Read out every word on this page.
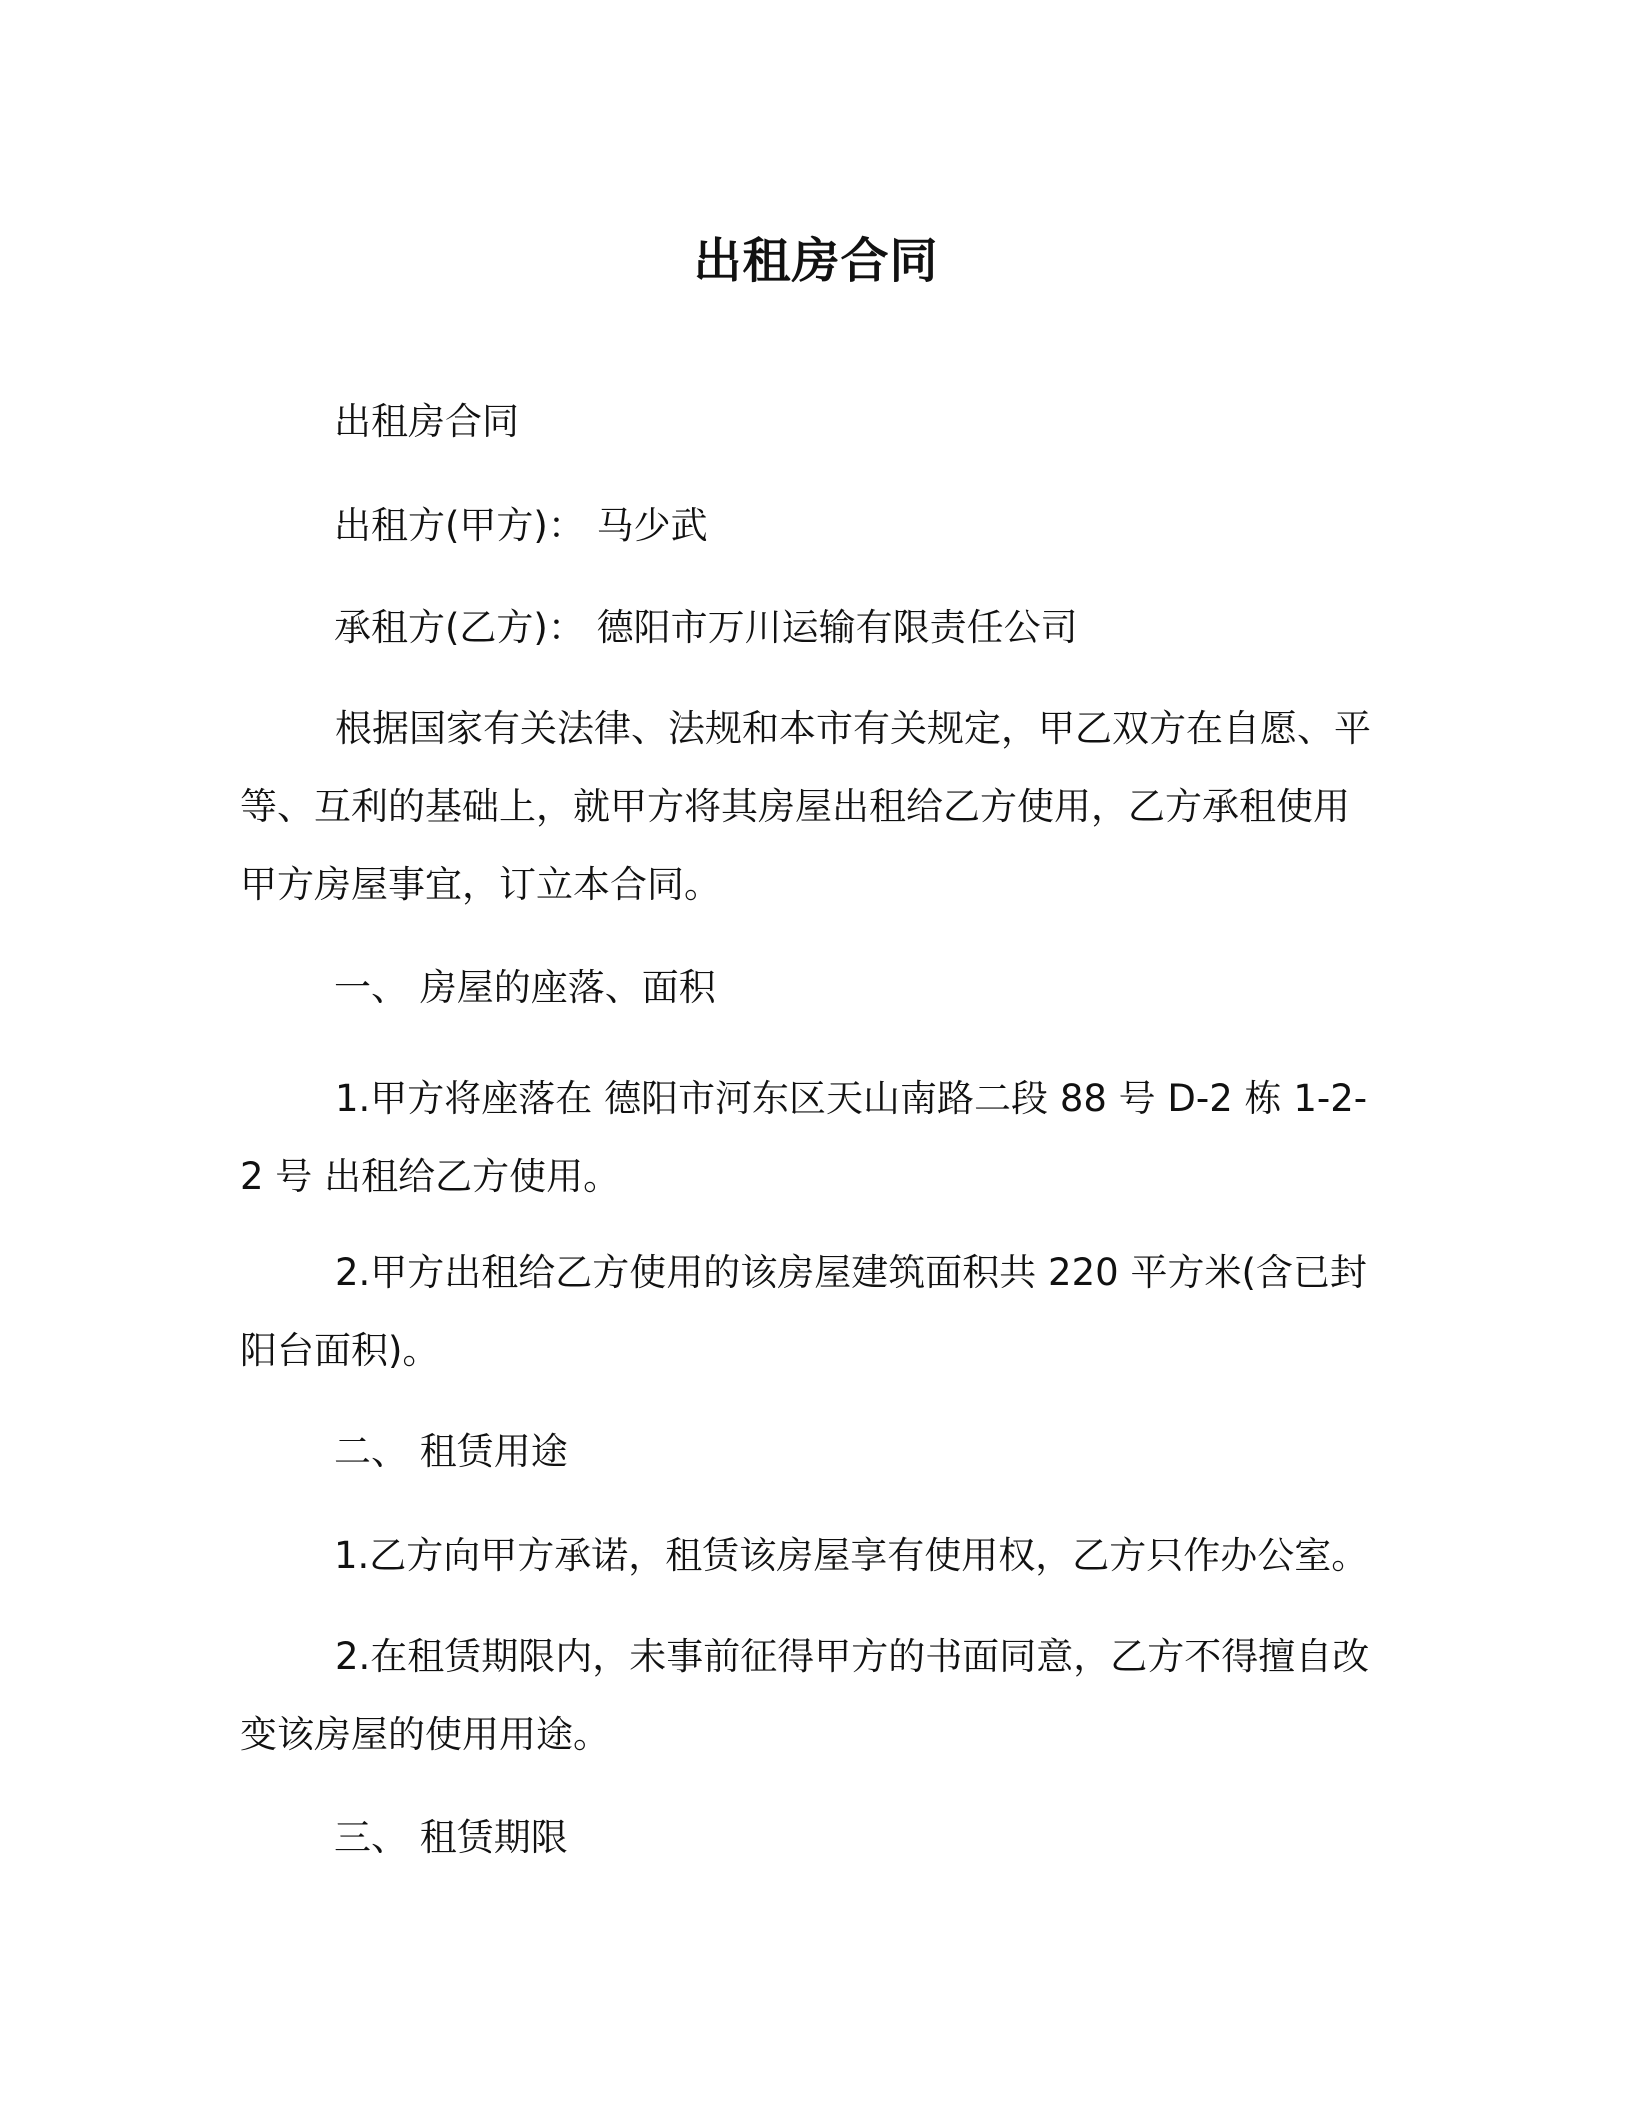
出租房合同
出租房合同
出租方(甲方)： 马少武
承租方(乙方)： 德阳市万川运输有限责任公司
根据国家有关法律、法规和本市有关规定，甲乙双方在自愿、平等、互利的基础上，就甲方将其房屋出租给乙方使用，乙方承租使用甲方房屋事宜，订立本合同。
一、 房屋的座落、面积
1.甲方将座落在 德阳市河东区天山南路二段 88 号 D-2 栋 1-2-2 号 出租给乙方使用。
2.甲方出租给乙方使用的该房屋建筑面积共 220 平方米(含已封阳台面积)。
二、 租赁用途
1.乙方向甲方承诺，租赁该房屋享有使用权，乙方只作办公室。
2.在租赁期限内，未事前征得甲方的书面同意，乙方不得擅自改变该房屋的使用用途。
三、 租赁期限
